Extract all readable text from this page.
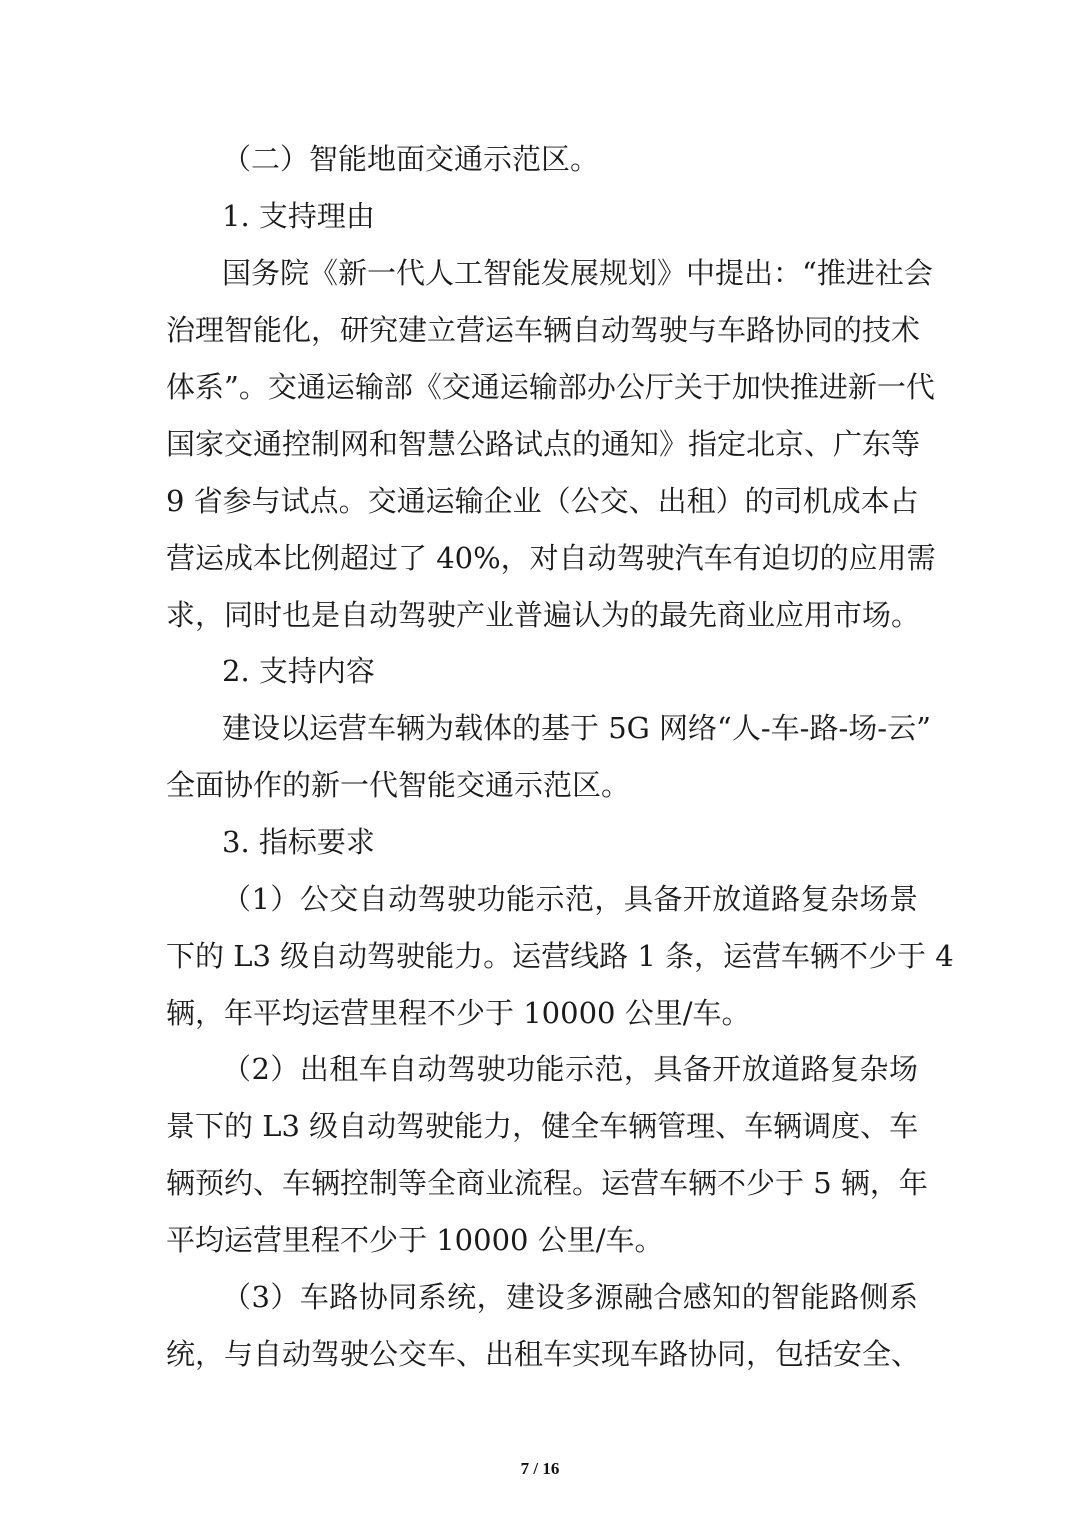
（二）智能地面交通示范区。
1. 支持理由
国务院《新一代人工智能发展规划》中提出：“推进社会
治理智能化，研究建立营运车辆自动驾驶与车路协同的技术
体系”。交通运输部《交通运输部办公厅关于加快推进新一代
国家交通控制网和智慧公路试点的通知》指定北京、广东等
9 省参与试点。交通运输企业（公交、出租）的司机成本占
营运成本比例超过了 40%，对自动驾驶汽车有迫切的应用需
求，同时也是自动驾驶产业普遍认为的最先商业应用市场。
2. 支持内容
建设以运营车辆为载体的基于 5G 网络“人-车-路-场-云”
全面协作的新一代智能交通示范区。
3. 指标要求
（1）公交自动驾驶功能示范，具备开放道路复杂场景
下的 L3 级自动驾驶能力。运营线路 1 条，运营车辆不少于 4
辆，年平均运营里程不少于 10000 公里/车。
（2）出租车自动驾驶功能示范，具备开放道路复杂场
景下的 L3 级自动驾驶能力，健全车辆管理、车辆调度、车
辆预约、车辆控制等全商业流程。运营车辆不少于 5 辆，年
平均运营里程不少于 10000 公里/车。
（3）车路协同系统，建设多源融合感知的智能路侧系
统，与自动驾驶公交车、出租车实现车路协同，包括安全、
7 / 16
